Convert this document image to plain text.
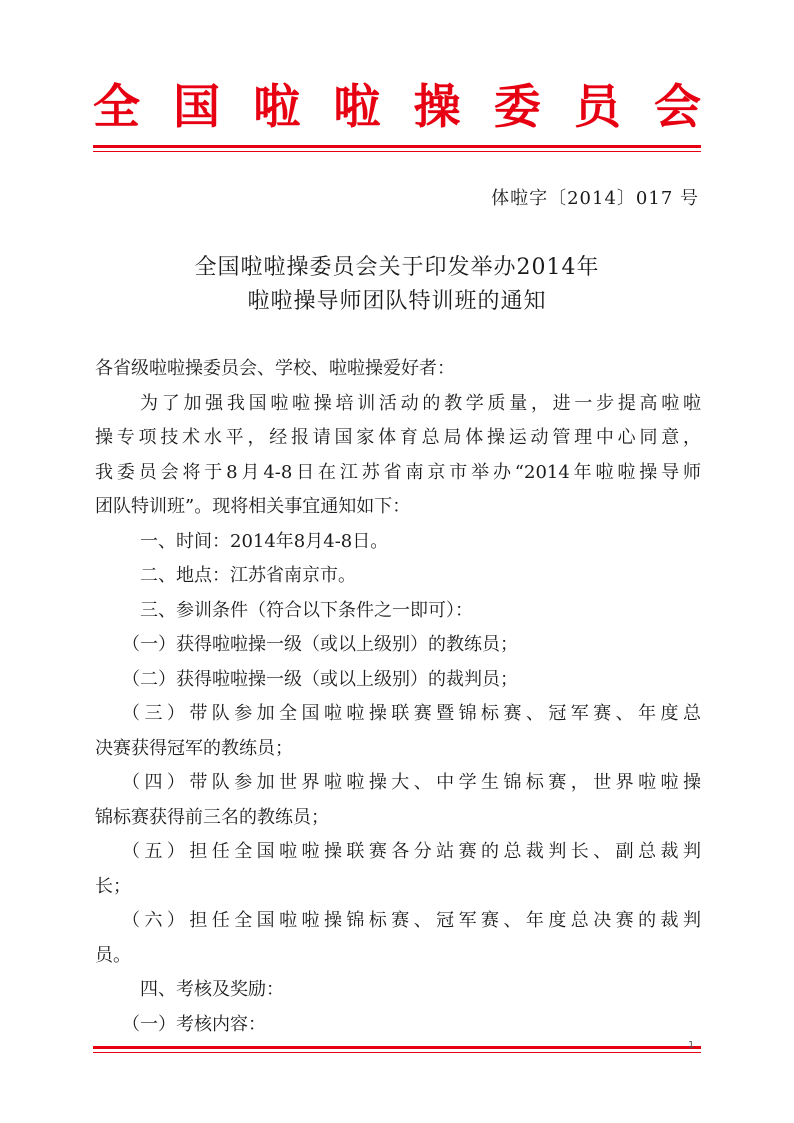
全 国 啦 啦 操 委 员 会
体啦字〔2014〕017 号
全国啦啦操委员会关于印发举办2014年
啦啦操导师团队特训班的通知
各省级啦啦操委员会、学校、啦啦操爱好者：
为了加强我国啦啦操培训活动的教学质量，进一步提高啦啦
操专项技术水平，经报请国家体育总局体操运动管理中心同意，
我委员会将于8月4-8日在江苏省南京市举办“2014年啦啦操导师
团队特训班”。现将相关事宜通知如下：
一、时间：2014年8月4-8日。
二、地点：江苏省南京市。
三、参训条件（符合以下条件之一即可）：
（一）获得啦啦操一级（或以上级别）的教练员；
（二）获得啦啦操一级（或以上级别）的裁判员；
（三）带队参加全国啦啦操联赛暨锦标赛、冠军赛、年度总
决赛获得冠军的教练员；
（四）带队参加世界啦啦操大、中学生锦标赛，世界啦啦操
锦标赛获得前三名的教练员；
（五）担任全国啦啦操联赛各分站赛的总裁判长、副总裁判
长；
（六）担任全国啦啦操锦标赛、冠军赛、年度总决赛的裁判
员。
四、考核及奖励：
（一）考核内容：
1
